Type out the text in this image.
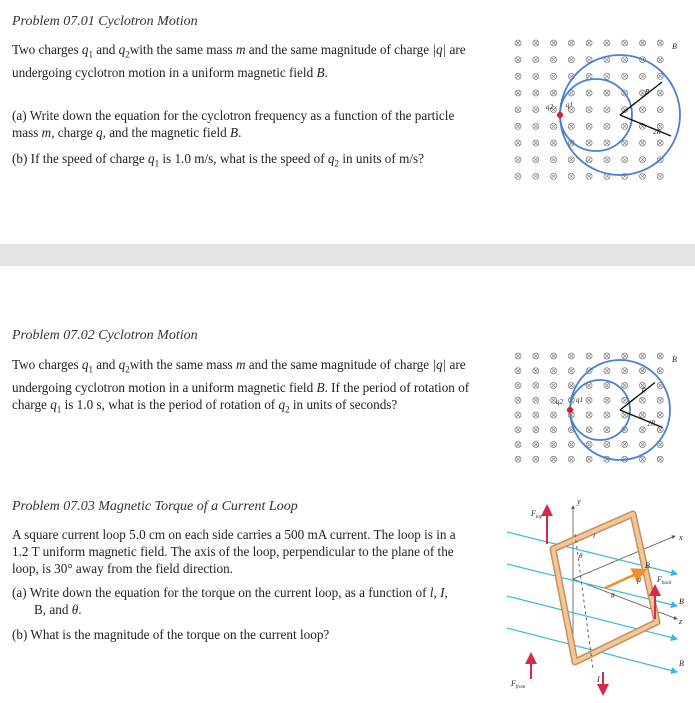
Problem 07.01 Cyclotron Motion
Two charges $q_1$ and $q_2with$ the same mass m and the same magnitude of charge |q| are
undergoing cyclotron motion in a uniform magnetic field B.
(a) Write down the equation for the cyclotron frequency as a function of the particle
mass m, charge q, and the magnetic field B.
(b) If the speed of charge $q_1$ is 1.0 m/s, what is the speed of $q_2$ in units of m/s?
B
q2 q1
R
2R
Problem 07.02 Cyclotron Motion
Two charges $q_1$ and $q_2with$ the same mass m and the same magnitude of charge |q| are
undergoing cyclotron motion in a uniform magnetic field B. If the period of rotation of
charge $q_1$ is 1.0 s, what is the period of rotation of $q_2$ in units of seconds?
B
q2 q1
R
2R
Problem 07.03 Magnetic Torque of a Current Loop
A square current loop 5.0 cm on each side carries a 500 mA current. The loop is in a
1.2 T uniform magnetic field. The axis of the loop, perpendicular to the plane of the
loop, is 30° away from the field direction.
(a) Write down the equation for the torque on the current loop, as a function of l, I,
B, and θ.
(b) What is the magnitude of the torque on the current loop?
$F_{top}$
$F_{back}$
$F_{front}$
y
x
z
μ
B
B
B
I
θ
θ
l
